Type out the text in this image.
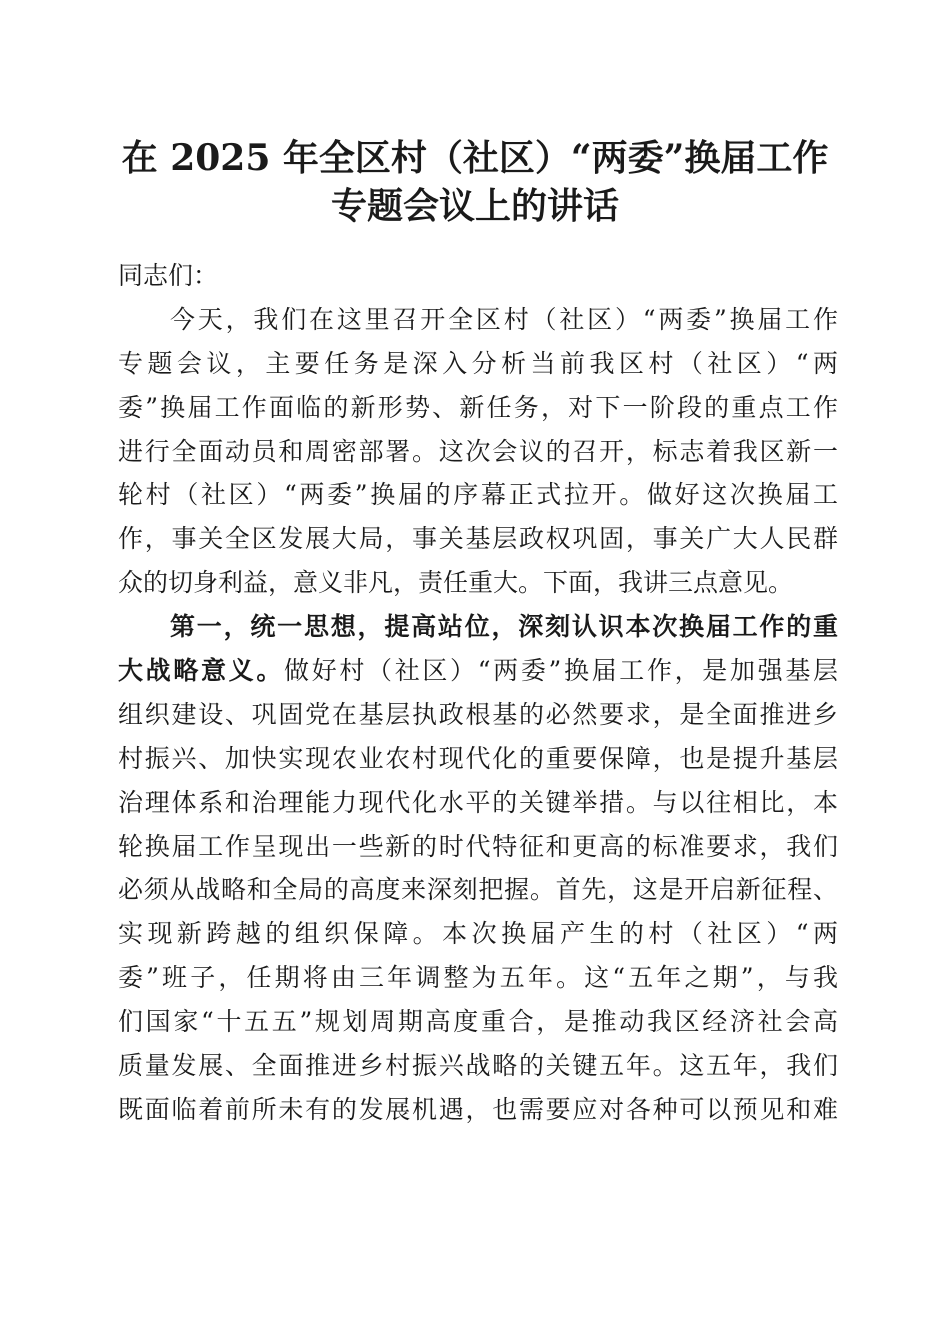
在 2025 年全区村（社区）“两委”换届工作
专题会议上的讲话
同志们：
今天，我们在这里召开全区村（社区）“两委”换届工作
专题会议，主要任务是深入分析当前我区村（社区）“两
委”换届工作面临的新形势、新任务，对下一阶段的重点工作
进行全面动员和周密部署。这次会议的召开，标志着我区新一
轮村（社区）“两委”换届的序幕正式拉开。做好这次换届工
作，事关全区发展大局，事关基层政权巩固，事关广大人民群
众的切身利益，意义非凡，责任重大。下面，我讲三点意见。
第一，统一思想，提高站位，深刻认识本次换届工作的重
大战略意义。做好村（社区）“两委”换届工作，是加强基层
组织建设、巩固党在基层执政根基的必然要求，是全面推进乡
村振兴、加快实现农业农村现代化的重要保障，也是提升基层
治理体系和治理能力现代化水平的关键举措。与以往相比，本
轮换届工作呈现出一些新的时代特征和更高的标准要求，我们
必须从战略和全局的高度来深刻把握。首先，这是开启新征程、
实现新跨越的组织保障。本次换届产生的村（社区）“两
委”班子，任期将由三年调整为五年。这“五年之期”，与我
们国家“十五五”规划周期高度重合，是推动我区经济社会高
质量发展、全面推进乡村振兴战略的关键五年。这五年，我们
既面临着前所未有的发展机遇，也需要应对各种可以预见和难
